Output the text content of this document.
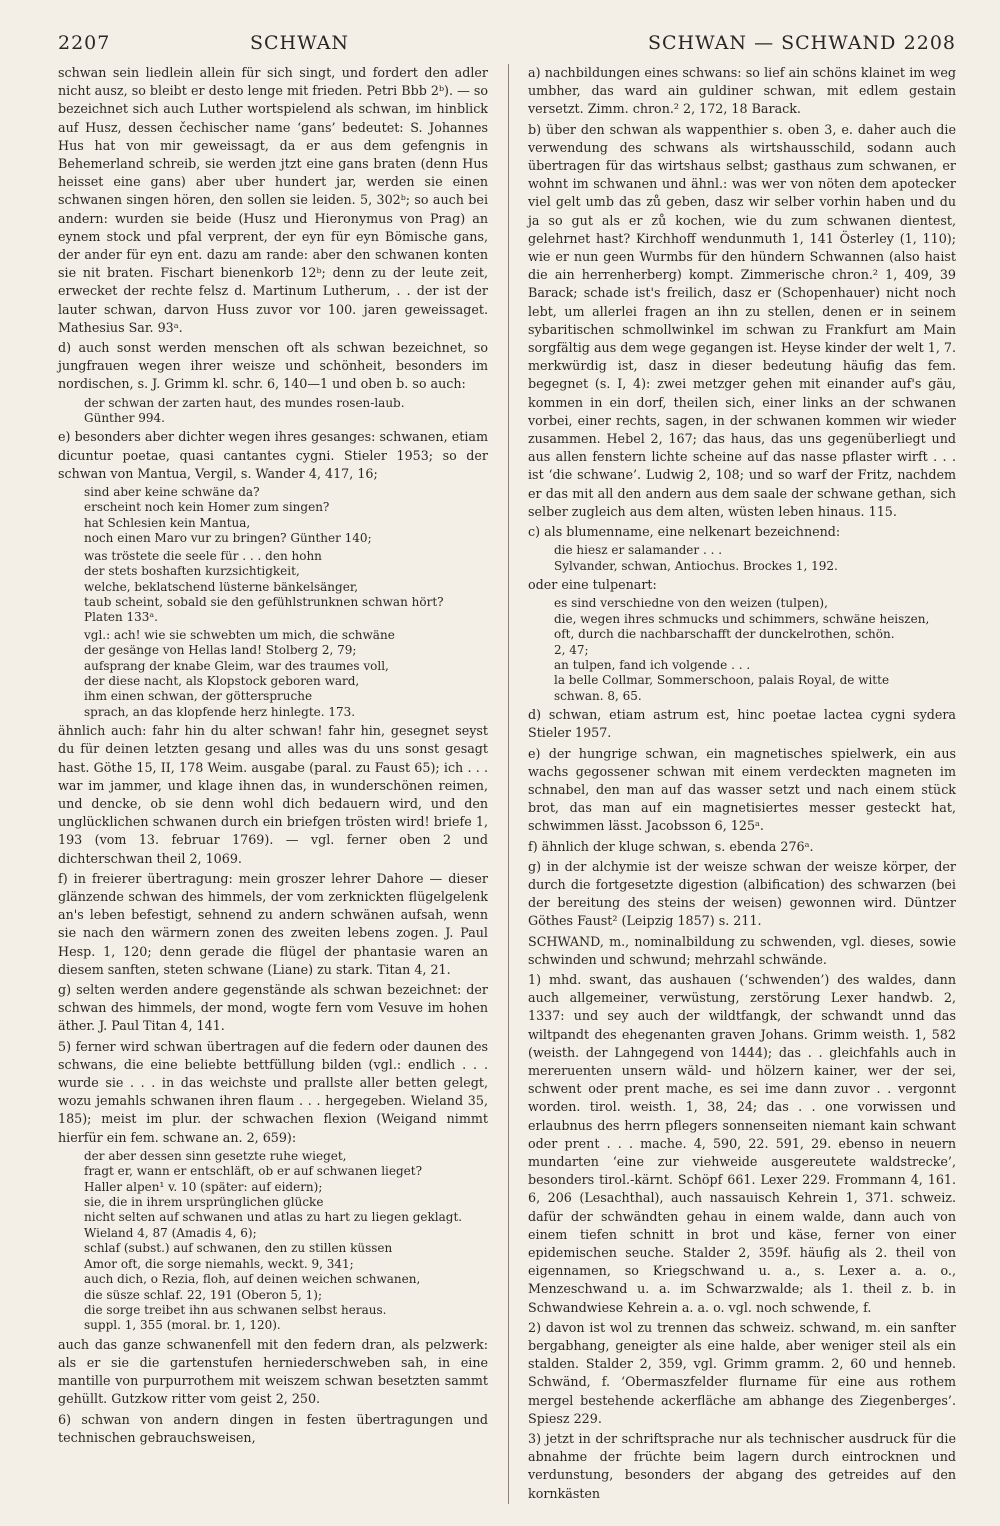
2207	SCHWAN	SCHWAN — SCHWAND 2208

schwan sein liedlein allein für sich singt, und fordert den adler nicht ausz, so bleibt er desto lenge mit frieden. Petri Bbb 2ᵇ). — so bezeichnet sich auch Luther wortspielend als schwan, im hinblick auf Husz, dessen čechischer name ‘gans’ bedeutet: S. Johannes Hus hat von mir geweissagt, da er aus dem gefengnis in Behemerland schreib, sie werden jtzt eine gans braten (denn Hus heisset eine gans) aber uber hundert jar, werden sie einen schwanen singen hören, den sollen sie leiden. 5, 302ᵇ; so auch bei andern: wurden sie beide (Husz und Hieronymus von Prag) an eynem stock und pfal verprent, der eyn für eyn Bömische gans, der ander für eyn ent. dazu am rande: aber den schwanen konten sie nit braten. Fischart bienenkorb 12ᵇ; denn zu der leute zeit, erwecket der rechte felsz d. Martinum Lutherum, . . der ist der lauter schwan, darvon Huss zuvor vor 100. jaren geweissaget. Mathesius Sar. 93ᵃ.

d) auch sonst werden menschen oft als schwan bezeichnet, so jungfrauen wegen ihrer weisze und schönheit, besonders im nordischen, s. J. Grimm kl. schr. 6, 140—1 und oben b. so auch:

der schwan der zarten haut, des mundes rosen-laub.
Günther 994.

e) besonders aber dichter wegen ihres gesanges: schwanen, etiam dicuntur poetae, quasi cantantes cygni. Stieler 1953; so der schwan von Mantua, Vergil, s. Wander 4, 417, 16;

sind aber keine schwäne da?
erscheint noch kein Homer zum singen?
hat Schlesien kein Mantua,
noch einen Maro vur zu bringen? Günther 140;

was tröstete die seele für . . . den hohn
der stets boshaften kurzsichtigkeit,
welche, beklatschend lüsterne bänkelsänger,
taub scheint, sobald sie den gefühlstrunknen schwan hört?
Platen 133ᵃ.

vgl.: ach! wie sie schwebten um mich, die schwäne
der gesänge von Hellas land! Stolberg 2, 79;
aufsprang der knabe Gleim, war des traumes voll,
der diese nacht, als Klopstock geboren ward,
ihm einen schwan, der götterspruche
sprach, an das klopfende herz hinlegte. 173.

ähnlich auch: fahr hin du alter schwan! fahr hin, gesegnet seyst du für deinen letzten gesang und alles was du uns sonst gesagt hast. Göthe 15, II, 178 Weim. ausgabe (paral. zu Faust 65); ich . . . war im jammer, und klage ihnen das, in wunderschönen reimen, und dencke, ob sie denn wohl dich bedauern wird, und den unglücklichen schwanen durch ein briefgen trösten wird! briefe 1, 193 (vom 13. februar 1769). — vgl. ferner oben 2 und dichterschwan theil 2, 1069.

f) in freierer übertragung: mein groszer lehrer Dahore — dieser glänzende schwan des himmels, der vom zerknickten flügelgelenk an's leben befestigt, sehnend zu andern schwänen aufsah, wenn sie nach den wärmern zonen des zweiten lebens zogen. J. Paul Hesp. 1, 120; denn gerade die flügel der phantasie waren an diesem sanften, steten schwane (Liane) zu stark. Titan 4, 21.

g) selten werden andere gegenstände als schwan bezeichnet: der schwan des himmels, der mond, wogte fern vom Vesuve im hohen äther. J. Paul Titan 4, 141.

5) ferner wird schwan übertragen auf die federn oder daunen des schwans, die eine beliebte bettfüllung bilden (vgl.: endlich . . . wurde sie . . . in das weichste und prallste aller betten gelegt, wozu jemahls schwanen ihren flaum . . . hergegeben. Wieland 35, 185); meist im plur. der schwachen flexion (Weigand nimmt hierfür ein fem. schwane an. 2, 659):

der aber dessen sinn gesetzte ruhe wieget,
fragt er, wann er entschläft, ob er auf schwanen lieget?
Haller alpen¹ v. 10 (später: auf eidern);
sie, die in ihrem ursprünglichen glücke
nicht selten auf schwanen und atlas zu hart zu liegen geklagt.
Wieland 4, 87 (Amadis 4, 6);
schlaf (subst.) auf schwanen, den zu stillen küssen
Amor oft, die sorge niemahls, weckt. 9, 341;
auch dich, o Rezia, floh, auf deinen weichen schwanen,
die süsze schlaf. 22, 191 (Oberon 5, 1);
die sorge treibet ihn aus schwanen selbst heraus.
suppl. 1, 355 (moral. br. 1, 120).

auch das ganze schwanenfell mit den federn dran, als pelzwerk: als er sie die gartenstufen herniederschweben sah, in eine mantille von purpurrothem mit weiszem schwan besetzten sammt gehüllt. Gutzkow ritter vom geist 2, 250.

6) schwan von andern dingen in festen übertragungen und technischen gebrauchsweisen,

a) nachbildungen eines schwans: so lief ain schöns klainet im weg umbher, das ward ain guldiner schwan, mit edlem gestain versetzt. Zimm. chron.² 2, 172, 18 Barack.

b) über den schwan als wappenthier s. oben 3, e. daher auch die verwendung des schwans als wirtshausschild, sodann auch übertragen für das wirtshaus selbst; gasthaus zum schwanen, er wohnt im schwanen und ähnl.: was wer von nöten dem apotecker viel gelt umb das zů geben, dasz wir selber vorhin haben und du ja so gut als er zů kochen, wie du zum schwanen dientest, gelehrnet hast? Kirchhoff wendunmuth 1, 141 Österley (1, 110); wie er nun geen Wurmbs für den hündern Schwannen (also haist die ain herrenherberg) kompt. Zimmerische chron.² 1, 409, 39 Barack; schade ist's freilich, dasz er (Schopenhauer) nicht noch lebt, um allerlei fragen an ihn zu stellen, denen er in seinem sybaritischen schmollwinkel im schwan zu Frankfurt am Main sorgfältig aus dem wege gegangen ist. Heyse kinder der welt 1, 7. merkwürdig ist, dasz in dieser bedeutung häufig das fem. begegnet (s. I, 4): zwei metzger gehen mit einander auf's gäu, kommen in ein dorf, theilen sich, einer links an der schwanen vorbei, einer rechts, sagen, in der schwanen kommen wir wieder zusammen. Hebel 2, 167; das haus, das uns gegenüberliegt und aus allen fenstern lichte scheine auf das nasse pflaster wirft . . . ist ‘die schwane’. Ludwig 2, 108; und so warf der Fritz, nachdem er das mit all den andern aus dem saale der schwane gethan, sich selber zugleich aus dem alten, wüsten leben hinaus. 115.

c) als blumenname, eine nelkenart bezeichnend:

die hiesz er salamander . . .
Sylvander, schwan, Antiochus. Brockes 1, 192.

oder eine tulpenart:

es sind verschiedne von den weizen (tulpen),
die, wegen ihres schmucks und schimmers, schwäne heiszen,
oft, durch die nachbarschafft der dunckelrothen, schön.
2, 47;
an tulpen, fand ich volgende . . .
la belle Collmar, Sommerschoon, palais Royal, de witte
schwan. 8, 65.

d) schwan, etiam astrum est, hinc poetae lactea cygni sydera Stieler 1957.

e) der hungrige schwan, ein magnetisches spielwerk, ein aus wachs gegossener schwan mit einem verdeckten magneten im schnabel, den man auf das wasser setzt und nach einem stück brot, das man auf ein magnetisiertes messer gesteckt hat, schwimmen lässt. Jacobsson 6, 125ᵃ.

f) ähnlich der kluge schwan, s. ebenda 276ᵃ.

g) in der alchymie ist der weisze schwan der weisze körper, der durch die fortgesetzte digestion (albification) des schwarzen (bei der bereitung des steins der weisen) gewonnen wird. Düntzer Göthes Faust² (Leipzig 1857) s. 211.

SCHWAND, m., nominalbildung zu schwenden, vgl. dieses, sowie schwinden und schwund; mehrzahl schwände.

1) mhd. swant, das aushauen (‘schwenden’) des waldes, dann auch allgemeiner, verwüstung, zerstörung Lexer handwb. 2, 1337: und sey auch der wildtfangk, der schwandt unnd das wiltpandt des ehegenanten graven Johans. Grimm weisth. 1, 582 (weisth. der Lahngegend von 1444); das . . gleichfahls auch in mereruenten unsern wäld- und hölzern kainer, wer der sei, schwent oder prent mache, es sei ime dann zuvor . . vergonnt worden. tirol. weisth. 1, 38, 24; das . . one vorwissen und erlaubnus des herrn pflegers sonnenseiten niemant kain schwant oder prent . . . mache. 4, 590, 22. 591, 29. ebenso in neuern mundarten ‘eine zur viehweide ausgereutete waldstrecke’, besonders tirol.-kärnt. Schöpf 661. Lexer 229. Frommann 4, 161. 6, 206 (Lesachthal), auch nassauisch Kehrein 1, 371. schweiz. dafür der schwändten gehau in einem walde, dann auch von einem tiefen schnitt in brot und käse, ferner von einer epidemischen seuche. Stalder 2, 359f. häufig als 2. theil von eigennamen, so Kriegschwand u. a., s. Lexer a. a. o., Menzeschwand u. a. im Schwarzwalde; als 1. theil z. b. in Schwandwiese Kehrein a. a. o. vgl. noch schwende, f.

2) davon ist wol zu trennen das schweiz. schwand, m. ein sanfter bergabhang, geneigter als eine halde, aber weniger steil als ein stalden. Stalder 2, 359, vgl. Grimm gramm. 2, 60 und henneb. Schwänd, f. ‘Obermaszfelder flurname für eine aus rothem mergel bestehende ackerfläche am abhange des Ziegenberges’. Spiesz 229.

3) jetzt in der schriftsprache nur als technischer ausdruck für die abnahme der früchte beim lagern durch eintrocknen und verdunstung, besonders der abgang des getreides auf den kornkästen
